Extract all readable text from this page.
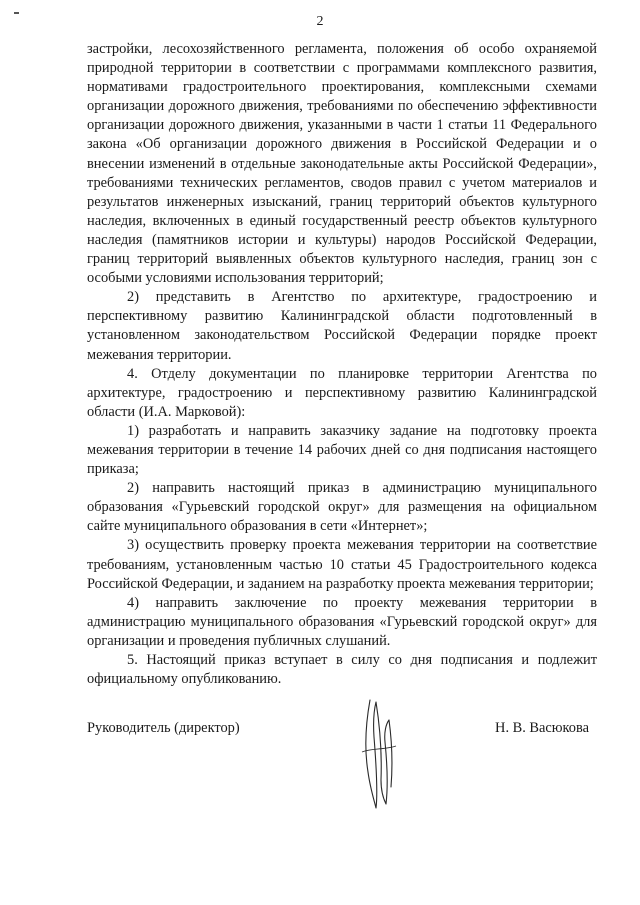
2

застройки, лесохозяйственного регламента, положения об особо охраняемой природной территории в соответствии с программами комплексного развития, нормативами градостроительного проектирования, комплексными схемами организации дорожного движения, требованиями по обеспечению эффективности организации дорожного движения, указанными в части 1 статьи 11 Федерального закона «Об организации дорожного движения в Российской Федерации и о внесении изменений в отдельные законодательные акты Российской Федерации», требованиями технических регламентов, сводов правил с учетом материалов и результатов инженерных изысканий, границ территорий объектов культурного наследия, включенных в единый государственный реестр объектов культурного наследия (памятников истории и культуры) народов Российской Федерации, границ территорий выявленных объектов культурного наследия, границ зон с особыми условиями использования территорий;

2) представить в Агентство по архитектуре, градостроению и перспективному развитию Калининградской области подготовленный в установленном законодательством Российской Федерации порядке проект межевания территории.

4. Отделу документации по планировке территории Агентства по архитектуре, градостроению и перспективному развитию Калининградской области (И.А. Марковой):

1) разработать и направить заказчику задание на подготовку проекта межевания территории в течение 14 рабочих дней со дня подписания настоящего приказа;

2) направить настоящий приказ в администрацию муниципального образования «Гурьевский городской округ» для размещения на официальном сайте муниципального образования в сети «Интернет»;

3) осуществить проверку проекта межевания территории на соответствие требованиям, установленным частью 10 статьи 45 Градостроительного кодекса Российской Федерации, и заданием на разработку проекта межевания территории;

4) направить заключение по проекту межевания территории в администрацию муниципального образования «Гурьевский городской округ» для организации и проведения публичных слушаний.

5. Настоящий приказ вступает в силу со дня подписания и подлежит официальному опубликованию.

Руководитель (директор)	Н. В. Васюкова
